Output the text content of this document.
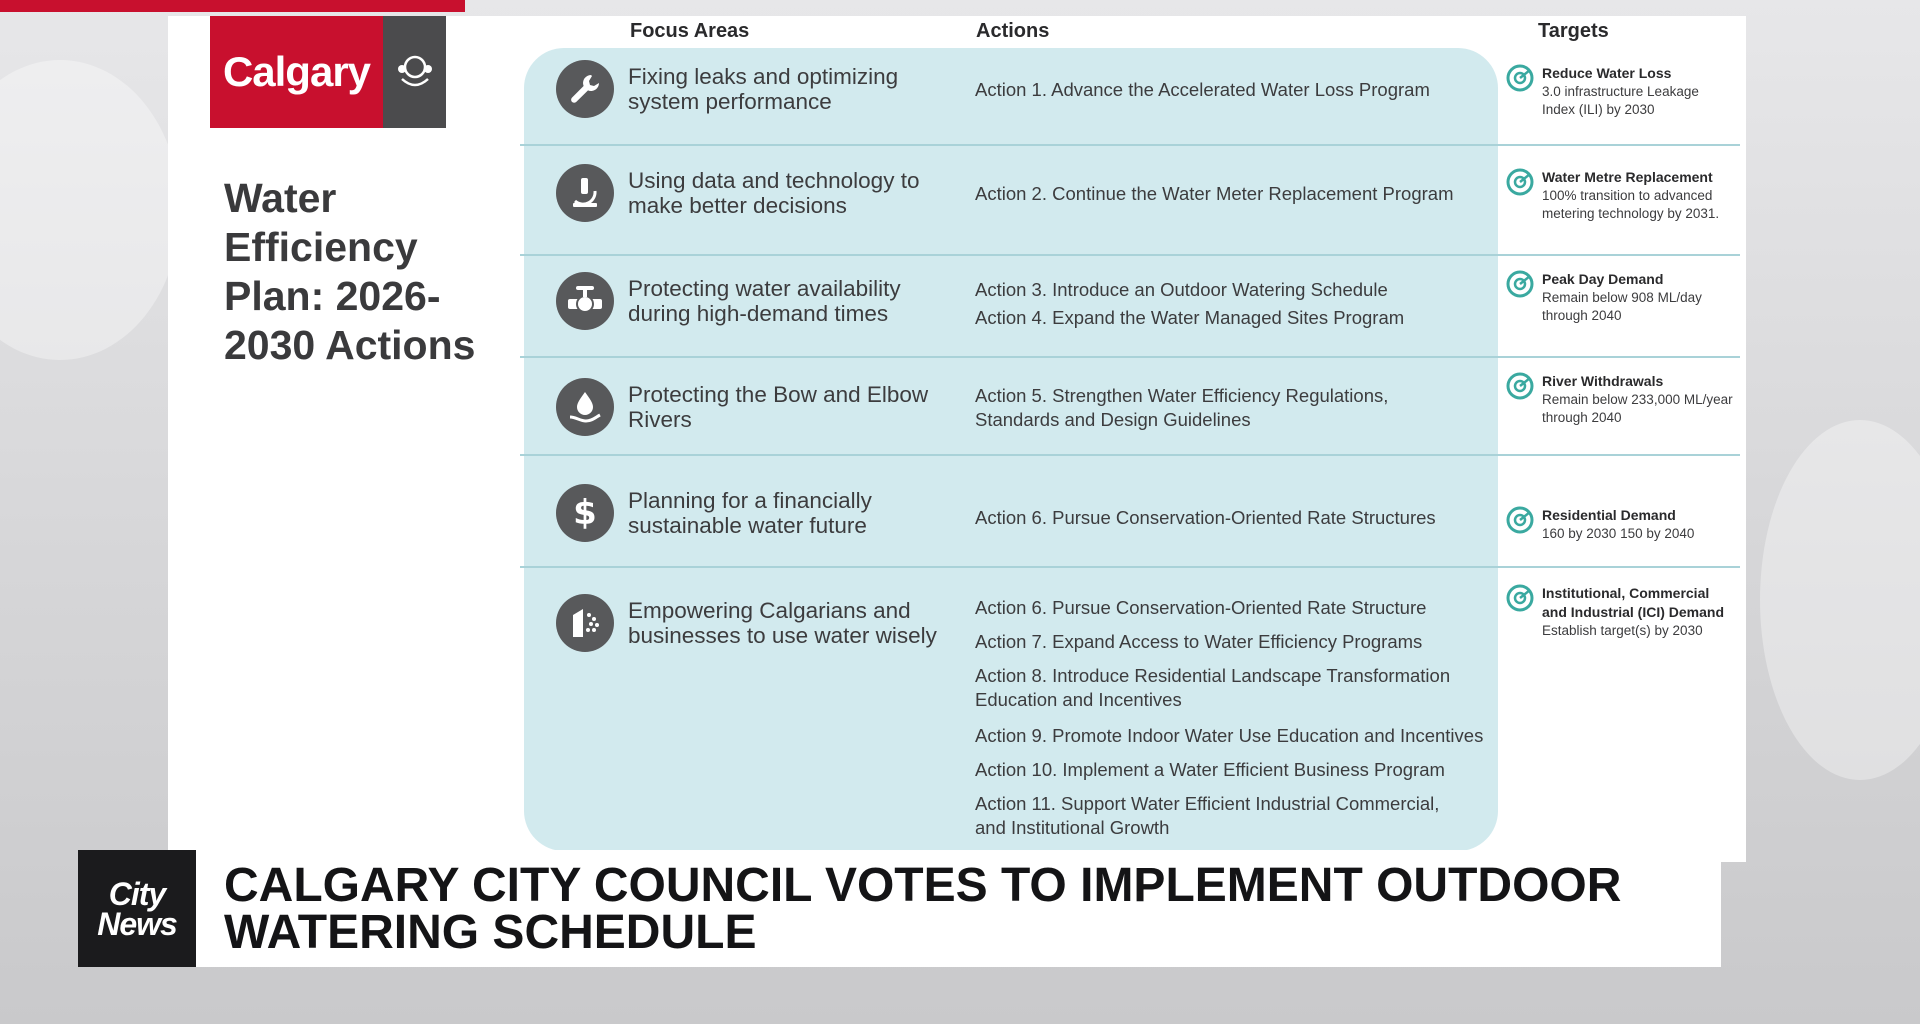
Calgary
Water Efficiency Plan: 2026-2030 Actions
Focus Areas	Actions	Targets
Fixing leaks and optimizing system performance
Using data and technology to make better decisions
Protecting water availability during high-demand times
Protecting the Bow and Elbow Rivers
$ Planning for a financially sustainable water future
Empowering Calgarians and businesses to use water wisely
Action 1. Advance the Accelerated Water Loss Program
Action 2. Continue the Water Meter Replacement Program
Action 3. Introduce an Outdoor Watering Schedule
Action 4. Expand the Water Managed Sites Program
Action 5. Strengthen Water Efficiency Regulations, Standards and Design Guidelines
Action 6. Pursue Conservation-Oriented Rate Structures
Action 6. Pursue Conservation-Oriented Rate Structure
Action 7. Expand Access to Water Efficiency Programs
Action 8. Introduce Residential Landscape Transformation Education and Incentives
Action 9. Promote Indoor Water Use Education and Incentives
Action 10. Implement a Water Efficient Business Program
Action 11. Support Water Efficient Industrial Commercial, and Institutional Growth
Reduce Water Loss
3.0 infrastructure Leakage Index (ILI) by 2030
Water Metre Replacement
100% transition to advanced metering technology by 2031.
Peak Day Demand
Remain below 908 ML/day through 2040
River Withdrawals
Remain below 233,000 ML/year through 2040
Residential Demand
160 by 2030 150 by 2040
Institutional, Commercial and Industrial (ICI) Demand
Establish target(s) by 2030
City
News
CALGARY CITY COUNCIL VOTES TO IMPLEMENT OUTDOOR WATERING SCHEDULE
